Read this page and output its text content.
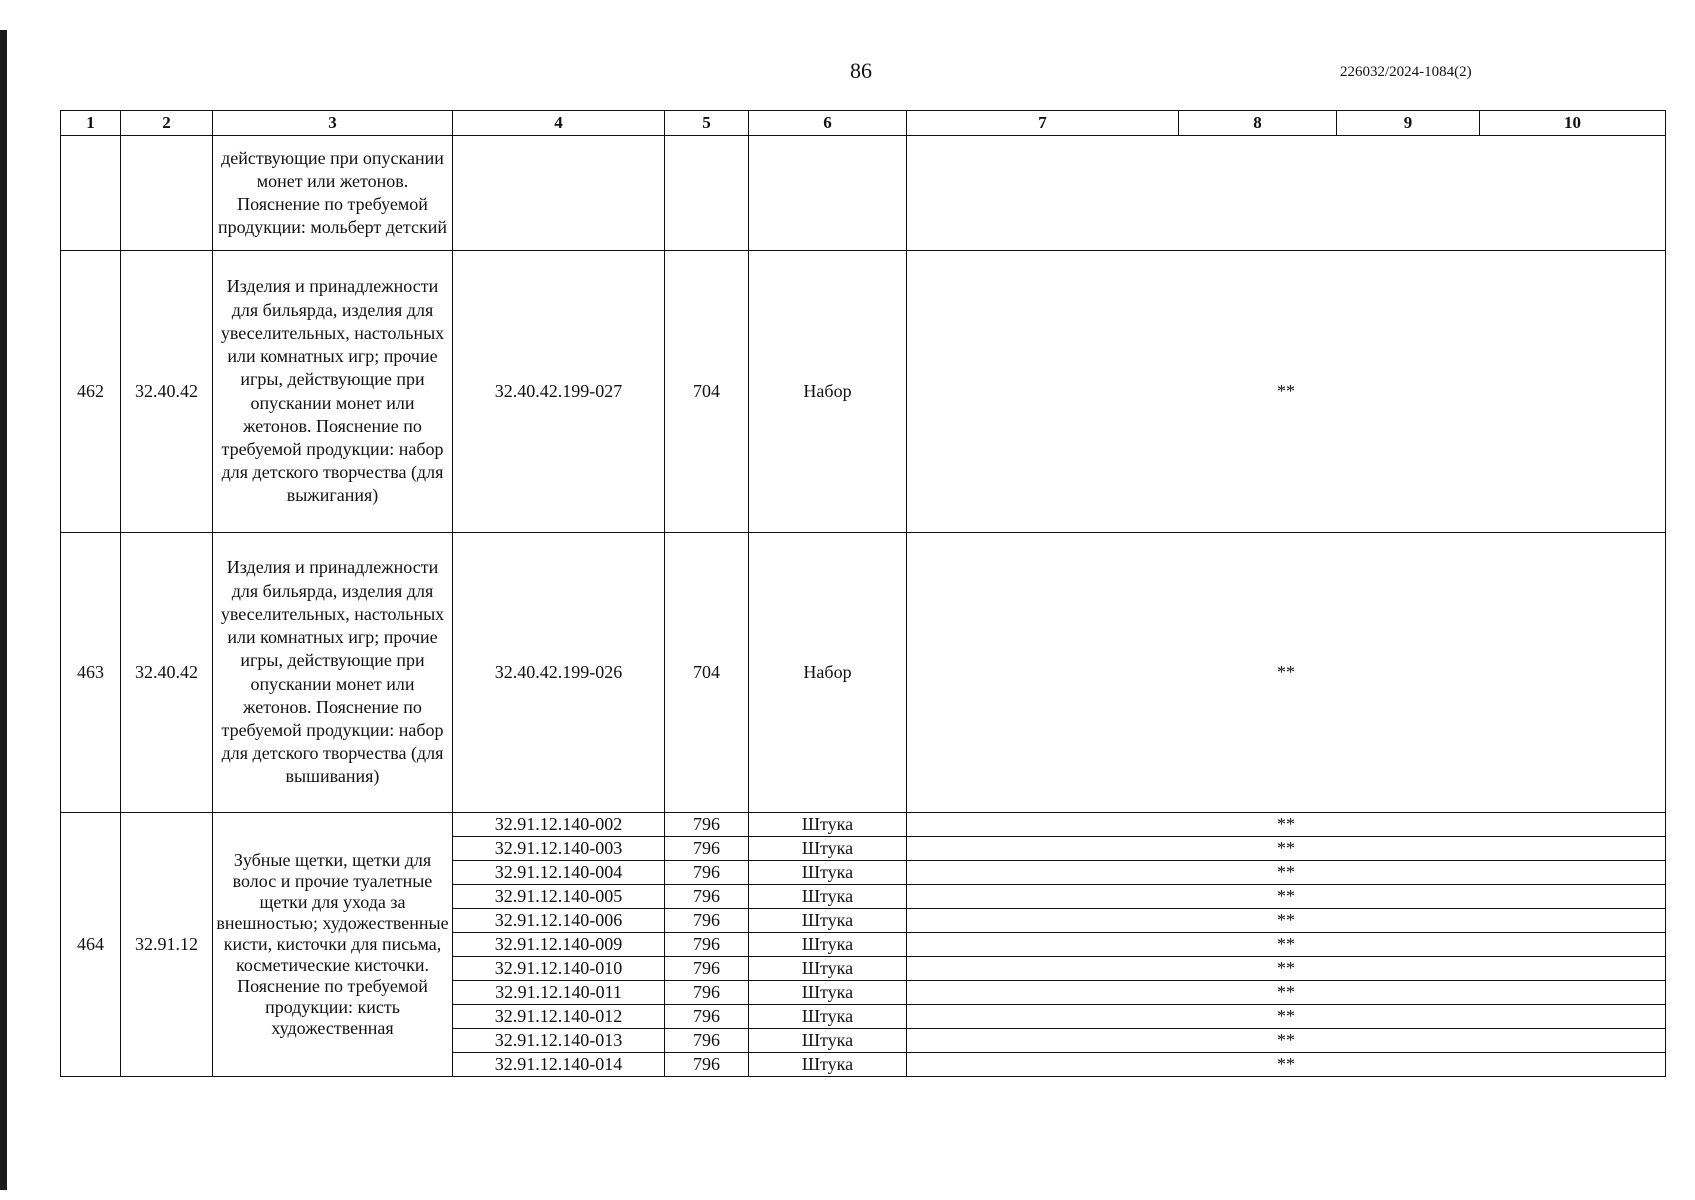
86	226032/2024-1084(2)
1	2	3	4	5	6	7	8	9	10
		действующие при опускании монет или жетонов. Пояснение по требуемой продукции: мольберт детский							
462	32.40.42	Изделия и принадлежности для бильярда, изделия для увеселительных, настольных или комнатных игр; прочие игры, действующие при опускании монет или жетонов. Пояснение по требуемой продукции: набор для детского творчества (для выжигания)	32.40.42.199-027	704	Набор	**			
463	32.40.42	Изделия и принадлежности для бильярда, изделия для увеселительных, настольных или комнатных игр; прочие игры, действующие при опускании монет или жетонов. Пояснение по требуемой продукции: набор для детского творчества (для вышивания)	32.40.42.199-026	704	Набор	**			
464	32.91.12	Зубные щетки, щетки для волос и прочие туалетные щетки для ухода за внешностью; художественные кисти, кисточки для письма, косметические кисточки. Пояснение по требуемой продукции: кисть художественная	32.91.12.140-002	796	Штука	**			
			32.91.12.140-003	796	Штука	**			
			32.91.12.140-004	796	Штука	**			
			32.91.12.140-005	796	Штука	**			
			32.91.12.140-006	796	Штука	**			
			32.91.12.140-009	796	Штука	**			
			32.91.12.140-010	796	Штука	**			
			32.91.12.140-011	796	Штука	**			
			32.91.12.140-012	796	Штука	**			
			32.91.12.140-013	796	Штука	**			
			32.91.12.140-014	796	Штука	**			
